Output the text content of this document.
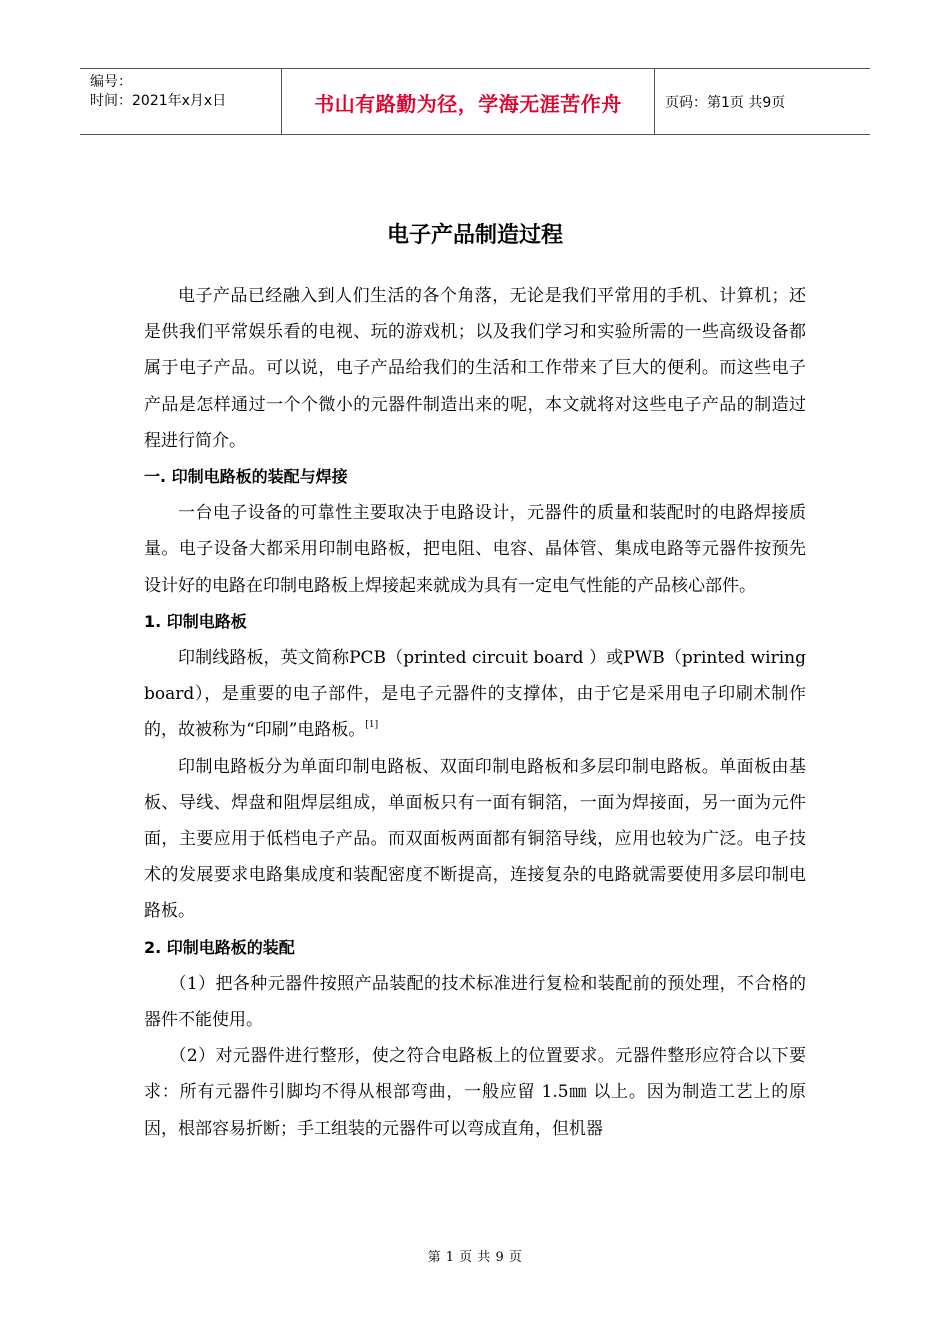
编号：
时间：2021年x月x日	书山有路勤为径，学海无涯苦作舟	页码：第1页 共9页
电子产品制造过程

电子产品已经融入到人们生活的各个角落，无论是我们平常用的手机、计算机；还是供我们平常娱乐看的电视、玩的游戏机；以及我们学习和实验所需的一些高级设备都属于电子产品。可以说，电子产品给我们的生活和工作带来了巨大的便利。而这些电子产品是怎样通过一个个微小的元器件制造出来的呢，本文就将对这些电子产品的制造过程进行简介。

一. 印制电路板的装配与焊接

一台电子设备的可靠性主要取决于电路设计，元器件的质量和装配时的电路焊接质量。电子设备大都采用印制电路板，把电阻、电容、晶体管、集成电路等元器件按预先设计好的电路在印制电路板上焊接起来就成为具有一定电气性能的产品核心部件。

1. 印制电路板

印制线路板，英文简称PCB（printed circuit board ）或PWB（printed wiring board），是重要的电子部件，是电子元器件的支撑体，由于它是采用电子印刷术制作的，故被称为“印刷”电路板。[1]

印制电路板分为单面印制电路板、双面印制电路板和多层印制电路板。单面板由基板、导线、焊盘和阻焊层组成，单面板只有一面有铜箔，一面为焊接面，另一面为元件面，主要应用于低档电子产品。而双面板两面都有铜箔导线，应用也较为广泛。电子技术的发展要求电路集成度和装配密度不断提高，连接复杂的电路就需要使用多层印制电路板。

2. 印制电路板的装配

（1）把各种元器件按照产品装配的技术标准进行复检和装配前的预处理，不合格的器件不能使用。

（2）对元器件进行整形，使之符合电路板上的位置要求。元器件整形应符合以下要求：所有元器件引脚均不得从根部弯曲，一般应留 1.5㎜ 以上。因为制造工艺上的原因，根部容易折断；手工组装的元器件可以弯成直角，但机器

第 1 页 共 9 页
